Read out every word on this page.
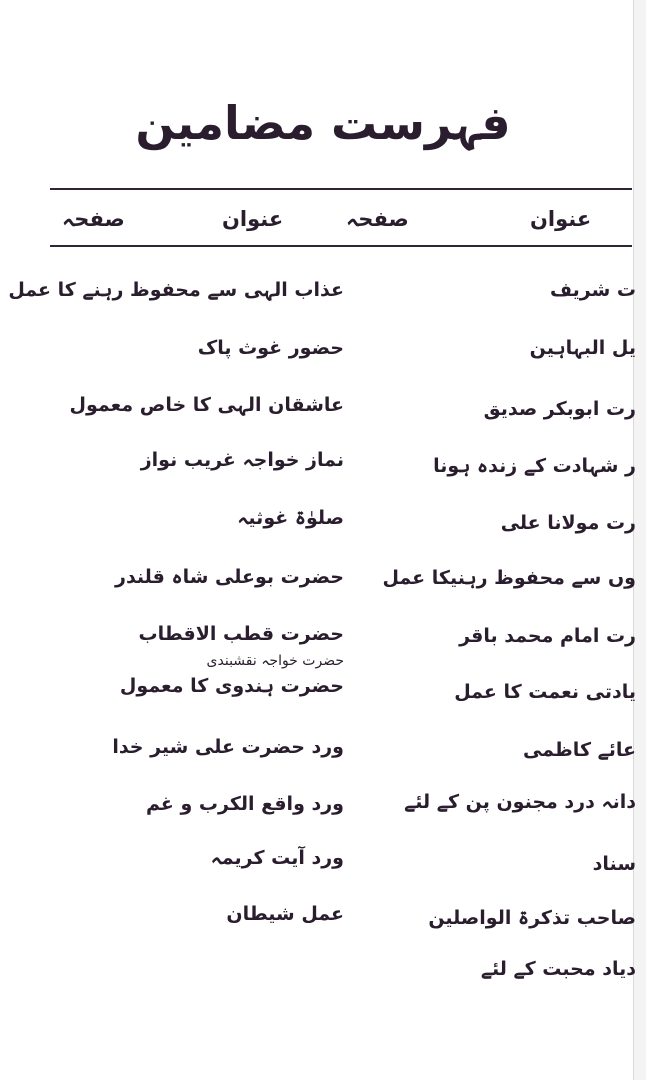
فہرست مضامین
عنوان
صفحہ
عنوان
صفحہ
ت شریف
یل البہاہین
رت ابوبکر صدیق
ر شہادت کے زندہ ہونا
رت مولانا علی
وں سے محفوظ رہنیکا عمل
رت امام محمد باقر
یادتی نعمت کا عمل
عائے کاظمی
دانہ درد مجنون پن کے لئے
سناد
صاحب تذکرۃ الواصلین
دیاد محبت کے لئے
عذاب الہی سے محفوظ رہنے کا عمل
حضور غوث پاک
عاشقان الہی کا خاص معمول
نماز خواجہ غریب نواز
صلوٰۃ غوثیہ
حضرت بوعلی شاہ قلندر
حضرت قطب الاقطاب
حضرت خواجہ نقشبندی
حضرت ہندوی کا معمول
ورد حضرت علی شیر خدا
ورد واقع الکرب و غم
ورد آیت کریمہ
عمل شیطان
